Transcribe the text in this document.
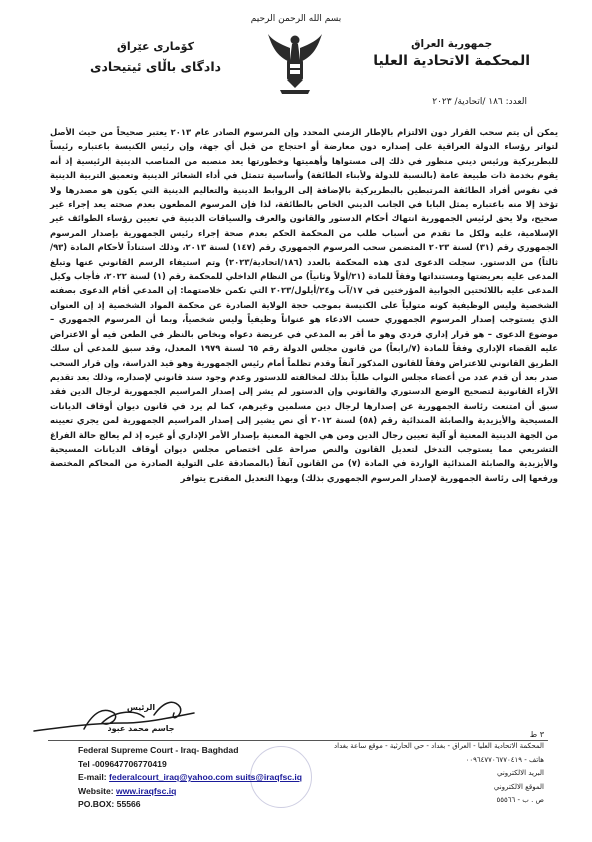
بسم الله الرحمن الرحيم
جمهورية العراق
المحكمة الاتحادية العليا
كۆماری عێراق
دادگای باڵای ئیتیحادی
العدد: ١٨٦ /اتحادية/ ٢٠٢٣

يمكن أن يتم سحب القرار دون الالتزام بالإطار الزمني المحدد وإن المرسوم الصادر عام ٢٠١٣ يعتبر صحيحاً من حيث الأصل لتواتر رؤساء الدولة العراقية على إصداره دون معارضة أو احتجاج من قبل أي جهة، وإن رئيس الكنيسة باعتباره رئيساً للبطريركية ورئيس ديني منظور في ذلك إلى مستواها وأهميتها وخطورتها يعد منصبه من المناصب الدينية الرئيسية إذ أنه يقوم بخدمة ذات طبيعة عامة (بالنسبة للدولة ولأبناء الطائفة) وأساسية تتمثل في أداء الشعائر الدينية وتعميق التربية الدينية في نفوس أفراد الطائفة المرتبطين بالبطريركية بالإضافة إلى الروابط الدينية والتعاليم الدينية التي يكون هو مصدرها ولا تؤخذ إلا منه باعتباره يمثل البابا في الجانب الديني الخاص بالطائفة، لذا فإن المرسوم المطعون بعدم صحته يعد إجراء غير صحيح، ولا يحق لرئيس الجمهورية انتهاك أحكام الدستور والقانون والعرف والسياقات الدينية في تعيين رؤساء الطوائف غير الإسلامية، عليه ولكل ما تقدم من أسباب طلب من المحكمة الحكم بعدم صحة إجراء رئيس الجمهورية بإصدار المرسوم الجمهوري رقم (٣١) لسنة ٢٠٢٣ المتضمن سحب المرسوم الجمهوري رقم (١٤٧) لسنة ٢٠١٣، وذلك استناداً لأحكام المادة (٩٣/ثالثاً) من الدستور. سجلت الدعوى لدى هذه المحكمة بالعدد (١٨٦/اتحادية/٢٠٢٣) وتم استيفاء الرسم القانوني عنها وتبلغ المدعى عليه بعريضتها ومستنداتها وفقاً للمادة (٢١/أولاً وثانياً) من النظام الداخلي للمحكمة رقم (١) لسنة ٢٠٢٢، فأجاب وكيل المدعى عليه باللائحتين الجوابية المؤرختين في ١٧/آب و٢٤/أيلول/٢٠٢٣ التي تكمن خلاصتهما: إن المدعي أقام الدعوى بصفته الشخصية وليس الوظيفية كونه متولياً على الكنيسة بموجب حجة الولاية الصادرة عن محكمة المواد الشخصية إذ إن العنوان الذي يستوجب إصدار المرسوم الجمهوري حسب الادعاء هو عنواناً وظيفياً وليس شخصياً، وبما أن المرسوم الجمهوري – موضوع الدعوى – هو قرار إداري فردي وهو ما أقر به المدعي في عريضة دعواه وبخاص بالنظر في الطعن فيه أو الاعتراض عليه القضاء الإداري وفقاً للمادة (٧/رابعاً) من قانون مجلس الدولة رقم ٦٥ لسنة ١٩٧٩ المعدل، وقد سبق للمدعي أن سلك الطريق القانوني للاعتراض وفقاً للقانون المذكور آنفاً وقدم تظلماً أمام رئيس الجمهورية وهو قيد الدراسة، وإن قرار السحب صدر بعد أن قدم عدد من أعضاء مجلس النواب طلباً بذلك لمخالفته للدستور وعدم وجود سند قانوني لإصداره، وذلك بعد تقديم الآراء القانونية لتصحيح الوضع الدستوري والقانوني وإن الدستور لم يشر إلى إصدار المراسيم الجمهورية لرجال الدين فقد سبق أن امتنعت رئاسة الجمهورية عن إصدارها لرجال دين مسلمين وغيرهم، كما لم يرد في قانون ديوان أوقاف الديانات المسيحية والأيزيدية والصابئة المندائية رقم (٥٨) لسنة ٢٠١٢ أي نص يشير إلى إصدار المراسيم الجمهورية لمن يجري تعيينه من الجهة الدينية المعنية أو آلية تعيين رجال الدين ومن هي الجهة المعنية بإصدار الأمر الإداري أو غيره إذ لم يعالج حالة الفراغ التشريعي مما يستوجب التدخل لتعديل القانون والنص صراحة على اختصاص مجلس ديوان أوقاف الديانات المسيحية والأيزيدية والصابئة المندائية الواردة في المادة (٧) من القانون آنفاً (بالمصادقة على التولية الصادرة من المحاكم المختصة ورفعها إلى رئاسة الجمهورية لإصدار المرسوم الجمهوري بذلك) وبهذا التعديل المقترح يتوافر

الرئيس
جاسم محمد عبود
٣ ط
Federal Supreme Court - Iraq- Baghdad
Tel -009647706770419
E-mail: federalcourt_iraq@yahoo.com suits@iraqfsc.iq
Website: www.iraqfsc.iq
PO.BOX: 55566
المحكمة الاتحادية العليا - العراق - بغداد - حي الحارثية - موقع ساعة بغداد
هاتف - ٠٠٩٦٤٧٧٠٦٧٧٠٤١٩
البريد الالكتروني
الموقع الالكتروني
ص . ب - ٥٥٥٦٦
